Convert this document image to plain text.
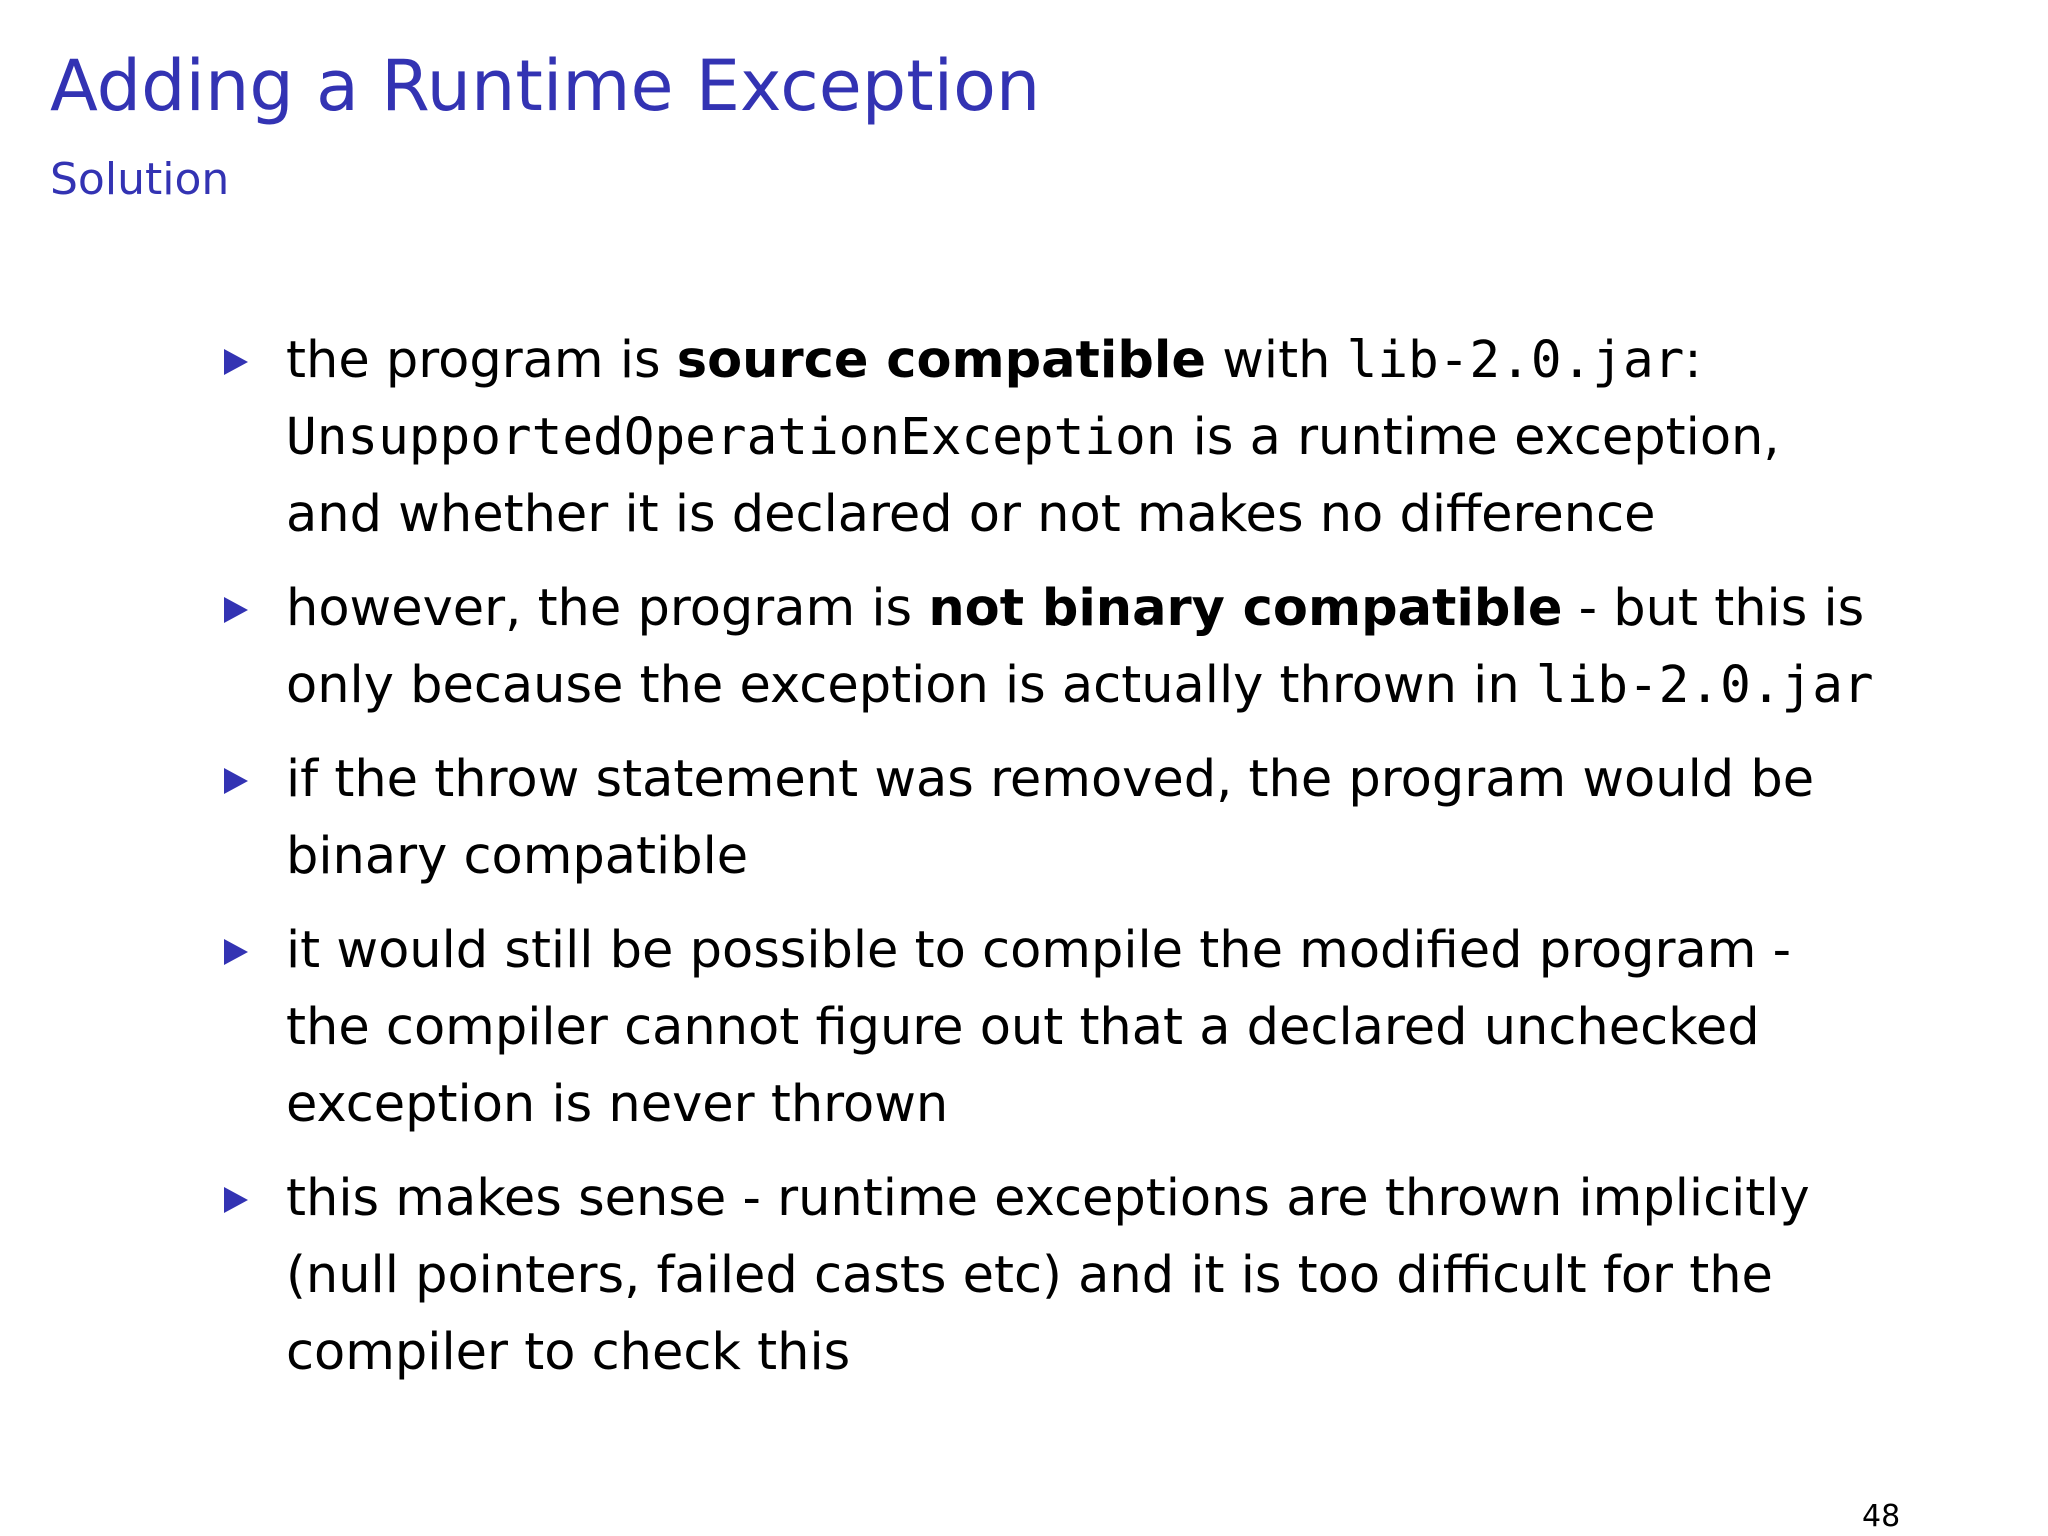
Adding a Runtime Exception
Solution
the program is source compatible with lib-2.0.jar:
UnsupportedOperationException is a runtime exception,
and whether it is declared or not makes no difference
however, the program is not binary compatible - but this is
only because the exception is actually thrown in lib-2.0.jar
if the throw statement was removed, the program would be
binary compatible
it would still be possible to compile the modified program -
the compiler cannot figure out that a declared unchecked
exception is never thrown
this makes sense - runtime exceptions are thrown implicitly
(null pointers, failed casts etc) and it is too difficult for the
compiler to check this
48
